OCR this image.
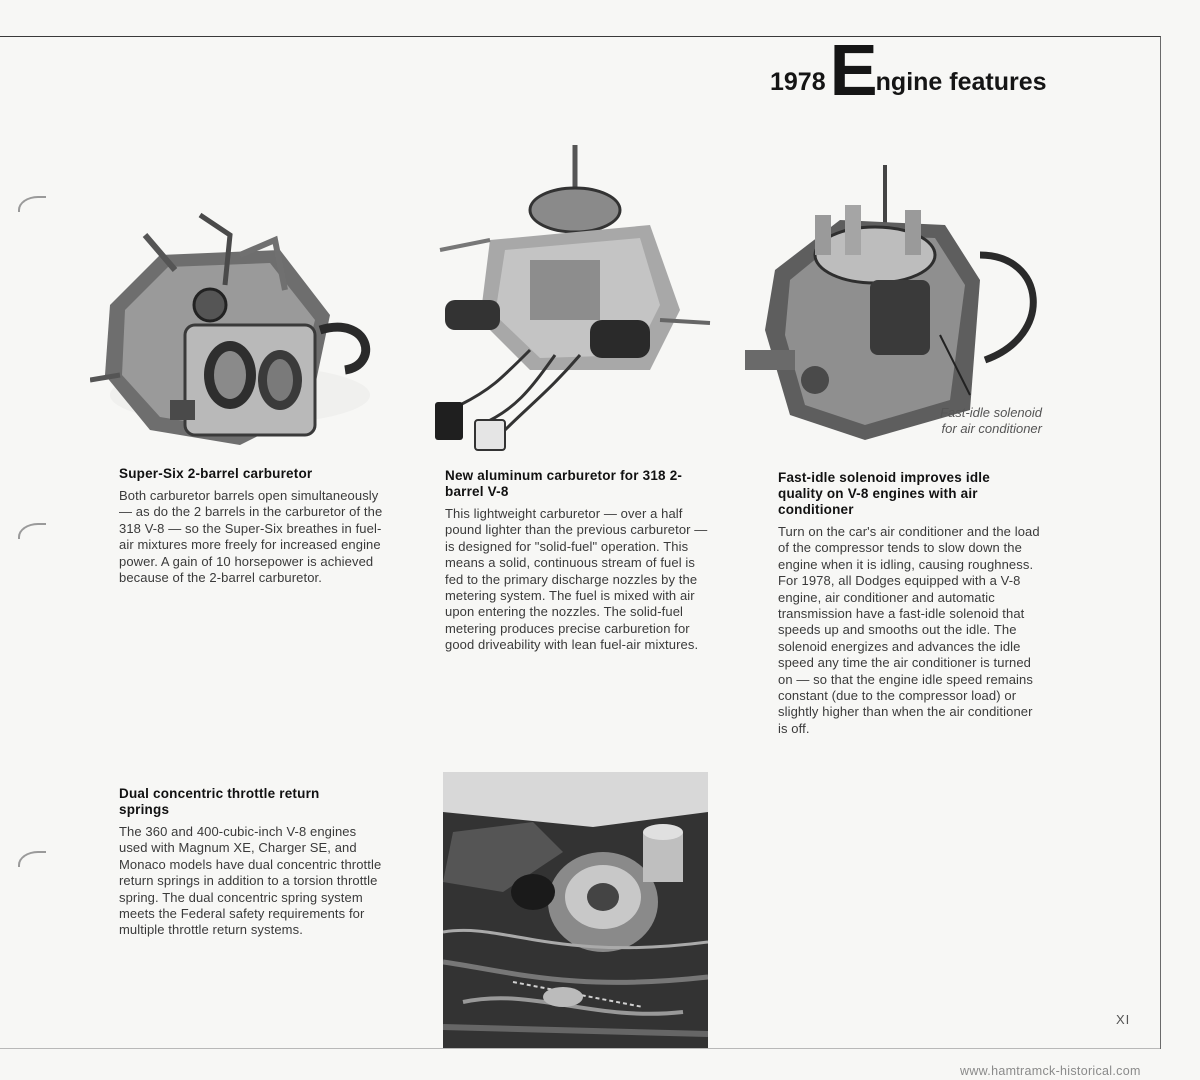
1978 E ngine features
Fast-idle solenoid
for air conditioner
Super-Six 2-barrel carburetor

Both carburetor barrels open simultaneously — as do the 2 barrels in the carburetor of the 318 V-8 — so the Super-Six breathes in fuel-air mixtures more freely for increased engine power. A gain of 10 horsepower is achieved because of the 2-barrel carburetor.

New aluminum carburetor for 318 2-barrel V-8

This lightweight carburetor — over a half pound lighter than the previous carburetor — is designed for "solid-fuel" operation. This means a solid, continuous stream of fuel is fed to the primary discharge nozzles by the metering system. The fuel is mixed with air upon entering the nozzles. The solid-fuel metering produces precise carburetion for good driveability with lean fuel-air mixtures.

Fast-idle solenoid improves idle quality on V-8 engines with air conditioner

Turn on the car's air conditioner and the load of the compressor tends to slow down the engine when it is idling, causing roughness. For 1978, all Dodges equipped with a V-8 engine, air conditioner and automatic transmission have a fast-idle solenoid that speeds up and smooths out the idle. The solenoid energizes and advances the idle speed any time the air conditioner is turned on — so that the engine idle speed remains constant (due to the compressor load) or slightly higher than when the air conditioner is off.

Dual concentric throttle return springs

The 360 and 400-cubic-inch V-8 engines used with Magnum XE, Charger SE, and Monaco models have dual concentric throttle return springs in addition to a torsion throttle spring. The dual concentric spring system meets the Federal safety requirements for multiple throttle return systems.

XI
www.hamtramck-historical.com
